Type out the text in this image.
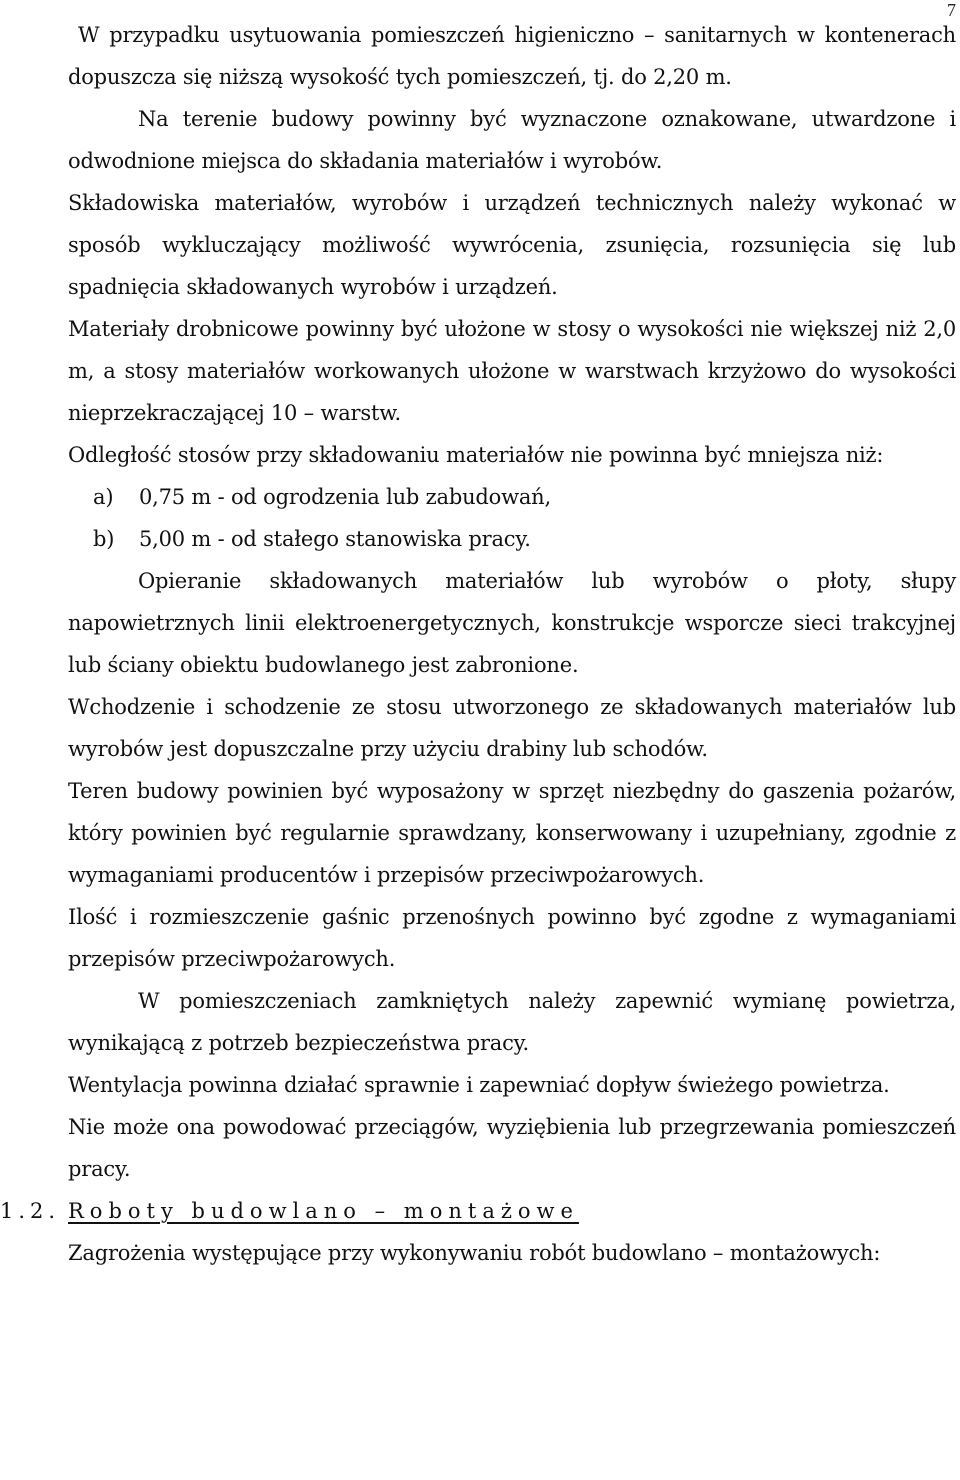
7

W przypadku usytuowania pomieszczeń higieniczno – sanitarnych w kontenerach dopuszcza się niższą wysokość tych pomieszczeń, tj. do 2,20 m.

Na terenie budowy powinny być wyznaczone oznakowane, utwardzone i odwodnione miejsca do składania materiałów i wyrobów.

Składowiska materiałów, wyrobów i urządzeń technicznych należy wykonać w sposób wykluczający możliwość wywrócenia, zsunięcia, rozsunięcia się lub spadnięcia składowanych wyrobów i urządzeń.

Materiały drobnicowe powinny być ułożone w stosy o wysokości nie większej niż 2,0 m, a stosy materiałów workowanych ułożone w warstwach krzyżowo do wysokości nieprzekraczającej 10 – warstw.

Odległość stosów przy składowaniu materiałów nie powinna być mniejsza niż:

a) 0,75 m - od ogrodzenia lub zabudowań,
b) 5,00 m - od stałego stanowiska pracy.

Opieranie składowanych materiałów lub wyrobów o płoty, słupy napowietrznych linii elektroenergetycznych, konstrukcje wsporcze sieci trakcyjnej lub ściany obiektu budowlanego jest zabronione.

Wchodzenie i schodzenie ze stosu utworzonego ze składowanych materiałów lub wyrobów jest dopuszczalne przy użyciu drabiny lub schodów.

Teren budowy powinien być wyposażony w sprzęt niezbędny do gaszenia pożarów, który powinien być regularnie sprawdzany, konserwowany i uzupełniany, zgodnie z wymaganiami producentów i przepisów przeciwpożarowych.

Ilość i rozmieszczenie gaśnic przenośnych powinno być zgodne z wymaganiami przepisów przeciwpożarowych.

W pomieszczeniach zamkniętych należy zapewnić wymianę powietrza, wynikającą z potrzeb bezpieczeństwa pracy.

Wentylacja powinna działać sprawnie i zapewniać dopływ świeżego powietrza.

Nie może ona powodować przeciągów, wyziębienia lub przegrzewania pomieszczeń pracy.

1.2. Roboty budowlano – montażowe

Zagrożenia występujące przy wykonywaniu robót budowlano – montażowych:
